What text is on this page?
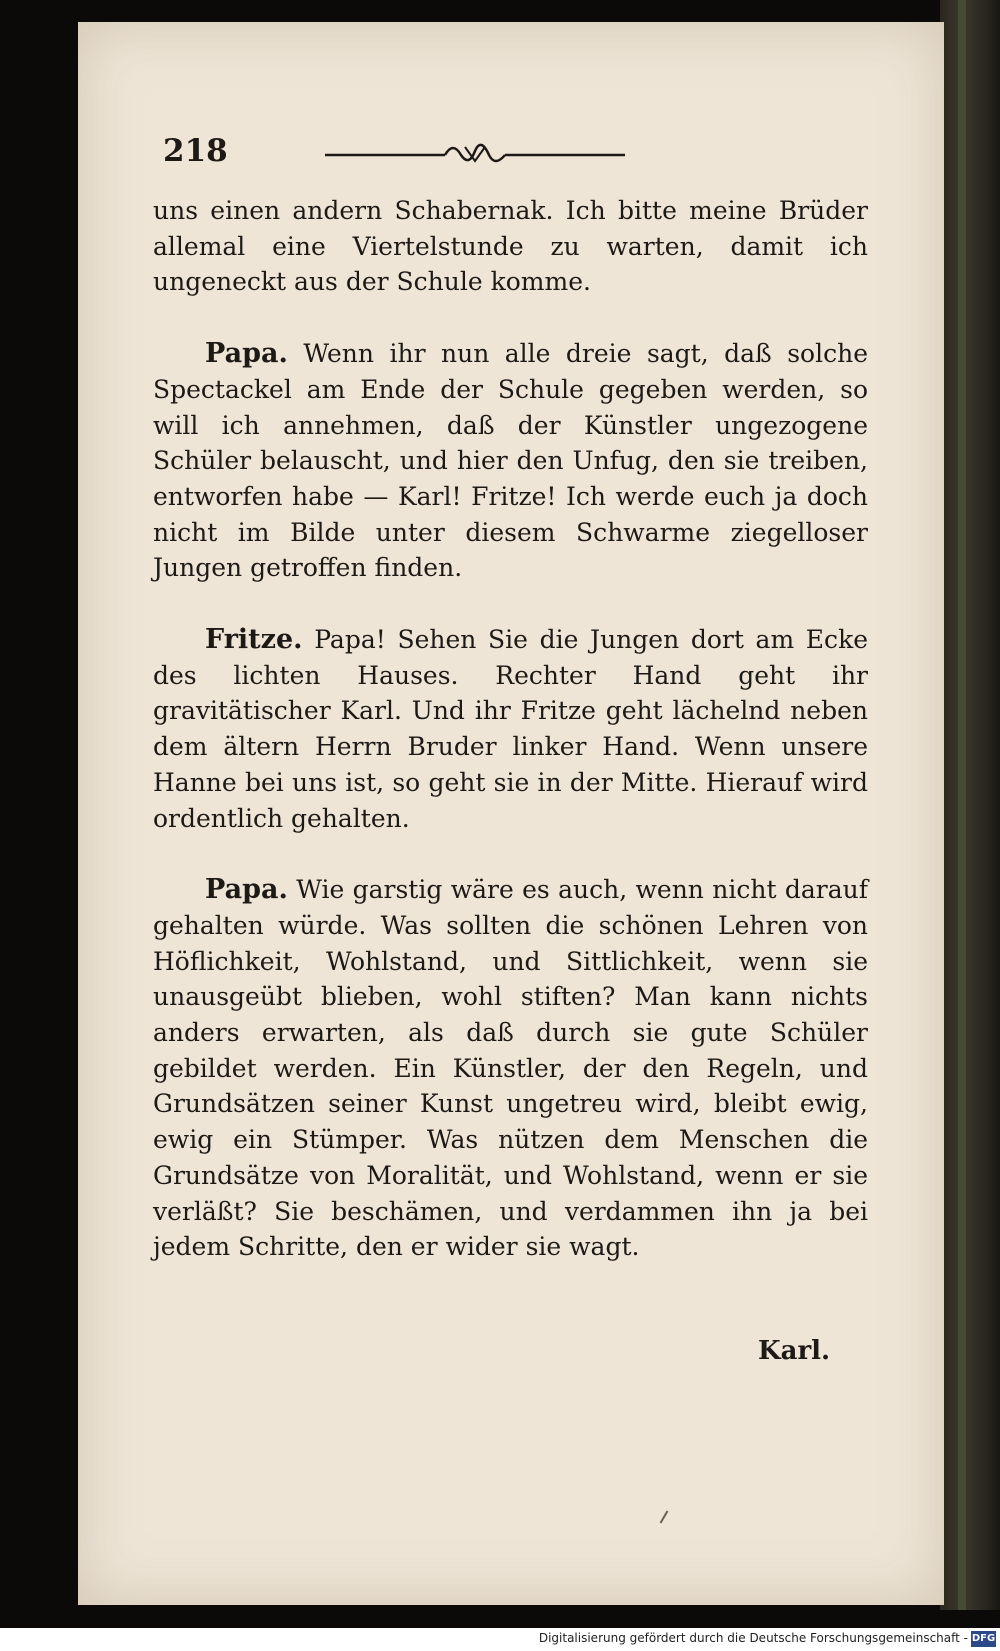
218

uns einen andern Schabernak. Ich bitte meine Brüder allemal eine Viertelstunde zu warten, damit ich ungeneckt aus der Schule komme.

Papa. Wenn ihr nun alle dreie sagt, daß solche Spectackel am Ende der Schule gegeben werden, so will ich annehmen, daß der Künstler ungezogene Schüler belauscht, und hier den Unfug, den sie treiben, entworfen habe — Karl! Fritze! Ich werde euch ja doch nicht im Bilde unter diesem Schwarme ziegelloser Jungen getroffen finden.

Fritze. Papa! Sehen Sie die Jungen dort am Ecke des lichten Hauses. Rechter Hand geht ihr gravitätischer Karl. Und ihr Fritze geht lächelnd neben dem ältern Herrn Bruder linker Hand. Wenn unsere Hanne bei uns ist, so geht sie in der Mitte. Hierauf wird ordentlich gehalten.

Papa. Wie garstig wäre es auch, wenn nicht darauf gehalten würde. Was sollten die schönen Lehren von Höflichkeit, Wohlstand, und Sittlichkeit, wenn sie unausgeübt blieben, wohl stiften? Man kann nichts anders erwarten, als daß durch sie gute Schüler gebildet werden. Ein Künstler, der den Regeln, und Grundsätzen seiner Kunst ungetreu wird, bleibt ewig, ewig ein Stümper. Was nützen dem Menschen die Grundsätze von Moralität, und Wohlstand, wenn er sie verläßt? Sie beschämen, und verdammen ihn ja bei jedem Schritte, den er wider sie wagt.

Karl.
Digitalisierung gefördert durch die Deutsche Forschungsgemeinschaft - DFG
